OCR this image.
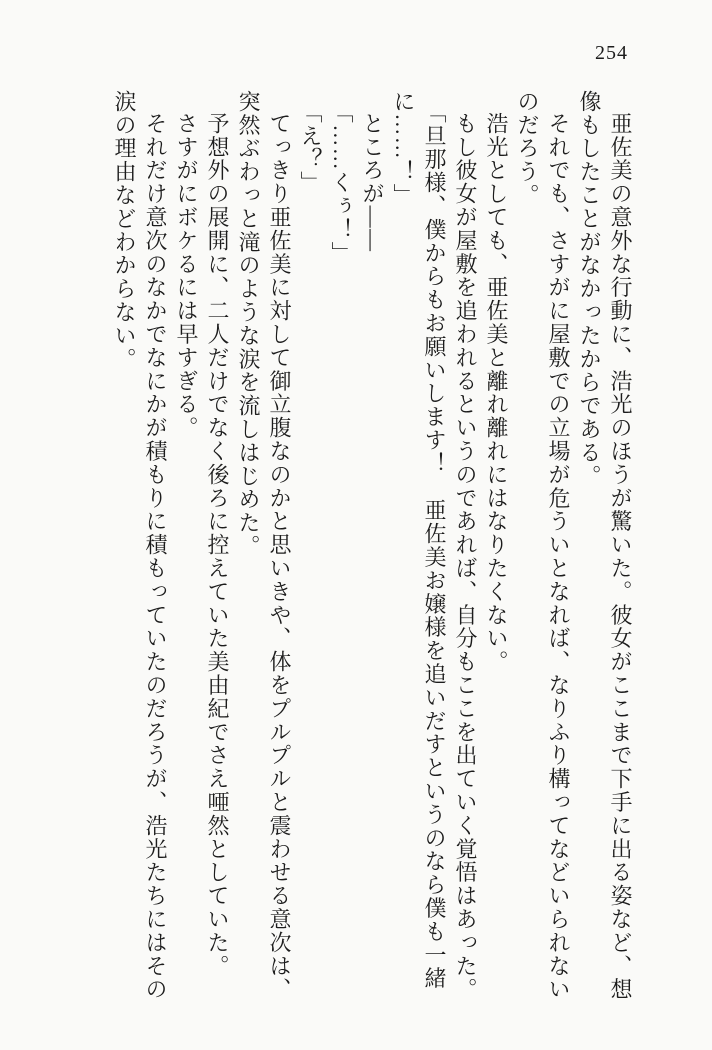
254

亜佐美の意外な行動に、浩光のほうが驚いた。彼女がここまで下手に出る姿など、想像もしたことがなかったからである。

それでも、さすがに屋敷での立場が危ういとなれば、なりふり構ってなどいられないのだろう。

浩光としても、亜佐美と離れ離れにはなりたくない。

もし彼女が屋敷を追われるというのであれば、自分もここを出ていく覚悟はあった。

「旦那様、僕からもお願いします！　亜佐美お嬢様を追いだすというのなら僕も一緒に……！」

ところが――

「……くぅ！」

「え？」

てっきり亜佐美に対して御立腹なのかと思いきや、体をプルプルと震わせる意次は、突然ぶわっと滝のような涙を流しはじめた。

予想外の展開に、二人だけでなく後ろに控えていた美由紀でさえ唖然としていた。

さすがにボケるには早すぎる。

それだけ意次のなかでなにかが積もりに積もっていたのだろうが、浩光たちにはその涙の理由などわからない。
